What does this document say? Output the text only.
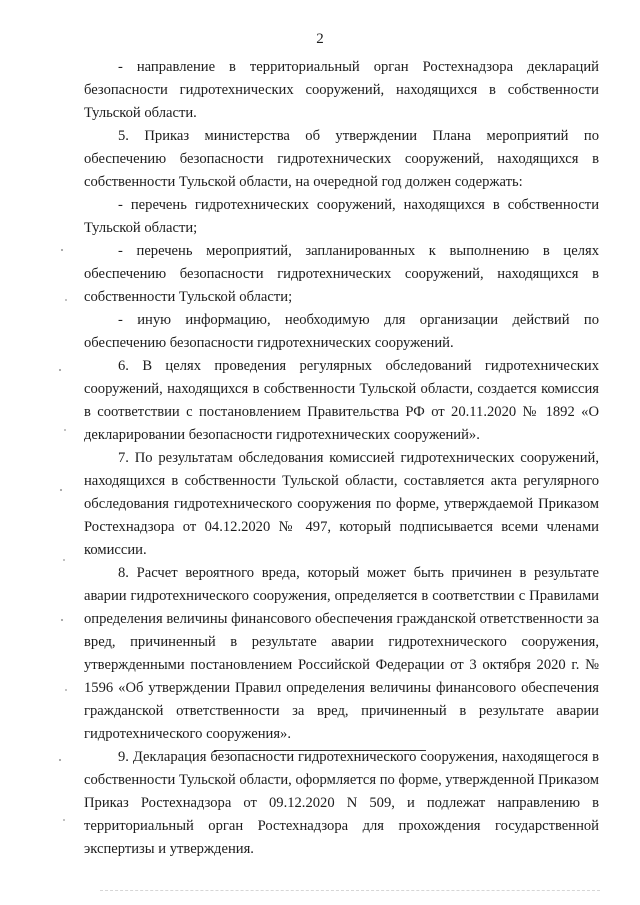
2

- направление в территориальный орган Ростехнадзора деклараций безопасности гидротехнических сооружений, находящихся в собственности Тульской области.

5. Приказ министерства об утверждении Плана мероприятий по обеспечению безопасности гидротехнических сооружений, находящихся в собственности Тульской области, на очередной год должен содержать:

- перечень гидротехнических сооружений, находящихся в собственности Тульской области;

- перечень мероприятий, запланированных к выполнению в целях обеспечению безопасности гидротехнических сооружений, находящихся в собственности Тульской области;

- иную информацию, необходимую для организации действий по обеспечению безопасности гидротехнических сооружений.

6. В целях проведения регулярных обследований гидротехнических сооружений, находящихся в собственности Тульской области, создается комиссия в соответствии с постановлением Правительства РФ от 20.11.2020 № 1892 «О декларировании безопасности гидротехнических сооружений».

7. По результатам обследования комиссией гидротехнических сооружений, находящихся в собственности Тульской области, составляется акта регулярного обследования гидротехнического сооружения по форме, утверждаемой Приказом Ростехнадзора от 04.12.2020 № 497, который подписывается всеми членами комиссии.

8. Расчет вероятного вреда, который может быть причинен в результате аварии гидротехнического сооружения, определяется в соответствии с Правилами определения величины финансового обеспечения гражданской ответственности за вред, причиненный в результате аварии гидротехнического сооружения, утвержденными постановлением Российской Федерации от 3 октября 2020 г. № 1596 «Об утверждении Правил определения величины финансового обеспечения гражданской ответственности за вред, причиненный в результате аварии гидротехнического сооружения».

9. Декларация безопасности гидротехнического сооружения, находящегося в собственности Тульской области, оформляется по форме, утвержденной Приказом Приказ Ростехнадзора от 09.12.2020 N 509, и подлежат направлению в территориальный орган Ростехнадзора для прохождения государственной экспертизы и утверждения.
